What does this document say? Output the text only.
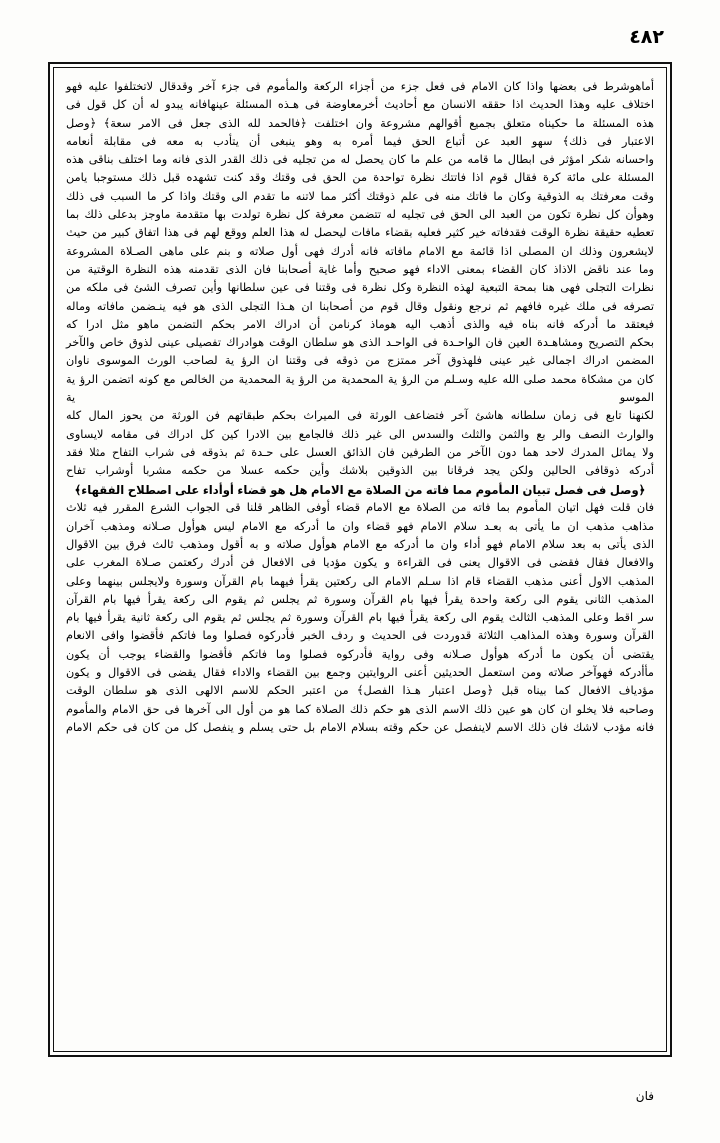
٤٨٢

أماهوشرط فى بعضها واذا كان الامام فى فعل جزء من أجزاء الركعة والمأموم فى جزء آخر وقدقال لاتختلفوا عليه فهو

اختلاف عليه وهذا الحديث اذا حققه الانسان مع أحاديث أخرمعاوضة فى هـذه المسئلة عينهافانه يبدو له أن كل قول فى

هذه المسئلة ما حكيناه متعلق بجميع أقوالهم مشروعة وان اختلفت ﴿فالحمد لله الذى جعل فى الامر سعة﴾ ﴿وصل

الاعتبار فى ذلك﴾ سهو العبد عن أتباع الحق فيما أمره به وهو ينبغى أن يتأدب به معه فى مقابلة أنعامه

واحسانه شكر امؤثر فى ابطال ما قامه من علم ما كان يحصل له من تجليه فى ذلك القدر الذى فانه وما اختلف بناقى هذه

المسئلة على مائة كرة فقال قوم اذا فاتتك نظرة تواحدة من الحق فى وقتك وقد كنت تشهده قبل ذلك مستوجبا يامن

وقت معرفتك به الذوقية وكان ما فاتك منه فى علم ذوقتك أكثر مما لاتنه ما تقدم الى وقتك واذا كر ما السبب فى ذلك

وهوأن كل نظرة تكون من العبد الى الحق فى تجليه له تتضمن معرفة كل نظرة تولدت بها متقدمة ماوجز بدعلى ذلك بما

تعطيه حقيقة نظرة الوقت فقدفاته خير كثير فعليه بقضاء مافات ليحصل له هذا العلم ووقع لهم فى هذا اتفاق كبير من حيث

لايشعرون وذلك ان المصلى اذا قائمة مع الامام مافاته فانه أدرك فهى أول صلاته و بنم على ماهى الصـلاة المشروعة

وما عند ناقض الاذاذ كان القضاء بمعنى الاداء فهو صحيح وأما غاية أصحابنا فان الذى تقدمنه هذه النظرة الوقتية من

نظرات التجلى فهى هنا بمحة التبعية لهذه النظرة وكل نظرة فى وقتنا فى عين سلطانها وأين تصرف الشئ فى ملكه من

تصرفه فى ملك غيره فافهم ثم نرجع ونقول وقال قوم من أصحابنا ان هـذا التجلى الذى هو فيه ينـضمن مافاته وماله

فيعتقد ما أدركه فانه بناه فيه والذى أذهب اليه هوماذ كرنامن أن ادراك الامر بحكم التضمن ماهو مثل ادرا كه

بحكم التصريح ومشاهـدة العين فان الواحـدة فى الواحـد الذى هو سلطان الوقت هوادراك تفصيلى عينى لذوق خاص والآخر

المضمن ادراك اجمالى غير عينى فلهذوق آخر ممتزج من ذوقه فى وقتنا ان الرؤ ية لصاحب الورث الموسوى ناوان

كان من مشكاة محمد صلى الله عليه وسـلم من الرؤ ية المحمدية من الرؤ ية المحمدية من الخالص مع كونه اتضمن الرؤ ية الموسو ية

لكنهنا تابع فى زمان سلطانه هاشئ آخر فتضاعف الورثة فى الميراث بحكم طبقاتهم فن الورثة من يحوز المال كله

والوارث النصف والر بع والثمن والثلث والسدس الى غير ذلك فالجامع بين الادرا كين كل ادراك فى مقامه لايساوى

ولا يماثل المدرك لاحد هما دون الآخر من الطرفين فان الذائق العسل على حـدة ثم بذوقه فى شراب التفاح مثلا فقد

أدركه ذوقافى الحالين ولكن يجد فرقانا بين الذوقين بلاشك وأين حكمه عسلا من حكمه مشربا أوشراب تفاح

﴿وصل فى فصل تبيان المأموم مما فاته من الصلاة مع الامام هل هو قضاء أوأداء على اصطلاح الفقهاء﴾

فان قلت فهل اتيان المأموم بما فاته من الصلاة مع الامام قضاء أوفى الظاهر قلنا قى الجواب الشرع المقرر فيه ثلاث

مذاهب مذهب ان ما يأتى به بعـد سلام الامام فهو قضاء وان ما أدركه مع الامام ليس هوأول صـلانه ومذهب آخران

الذى يأتى به بعد سلام الامام فهو أداء وان ما أدركه مع الامام هوأول صلاته و به أقول ومذهب ثالث فرق بين الاقوال

والافعال فقال فقضى فى الاقوال يعنى فى القراءة و يكون مؤديا فى الافعال فن أدرك ركعتمن صـلاة المغرب على

المذهب الاول أعنى مذهب القضاء قام اذا سـلم الامام الى ركعتين يقرأ فيهما بام القرآن وسورة ولايجلس بينهما وعلى

المذهب الثانى يقوم الى ركعة واحدة يقرأ فيها بام القرآن وسورة ثم يجلس ثم يقوم الى ركعة يقرأ فيها بام القرآن

سر اقط وعلى المذهب الثالث يقوم الى ركعة يقرأ فيها بام القرآن وسورة ثم يجلس ثم يقوم الى ركعة ثانية يقرأ فيها بام

القرآن وسورة وهذه المذاهب الثلاثة قدوردت فى الحديث و ردف الخبر فأدركوه فصلوا وما فاتكم فأقضوا وافى الانعام

يقتضى أن يكون ما أدركه هوأول صـلانه وفى رواية فأدركوه فصلوا وما فاتكم فأقضوا والقضاء يوجب أن يكون

مأأدركه فهوآخر صلاته ومن استعمل الحديثين أعنى الروايتين وجمع بين القضاء والاداء فقال يقضى فى الاقوال و يكون

مؤدياف الافعال كما بيناه قبل ﴿وصل اعتبار هـذا الفصل﴾ من اعتبر الحكم للاسم الالهى الذى هو سلطان الوقت

وصاحبه فلا يخلو ان كان هو عين ذلك الاسم الذى هو حكم ذلك الصلاة كما هو من أول الى آخرها فى حق الامام والمأموم

فانه مؤدب لاشك فان ذلك الاسم لاينفصل عن حكم وقته بسلام الامام بل حتى يسلم و ينفصل كل من كان فى حكم الامام

فان
